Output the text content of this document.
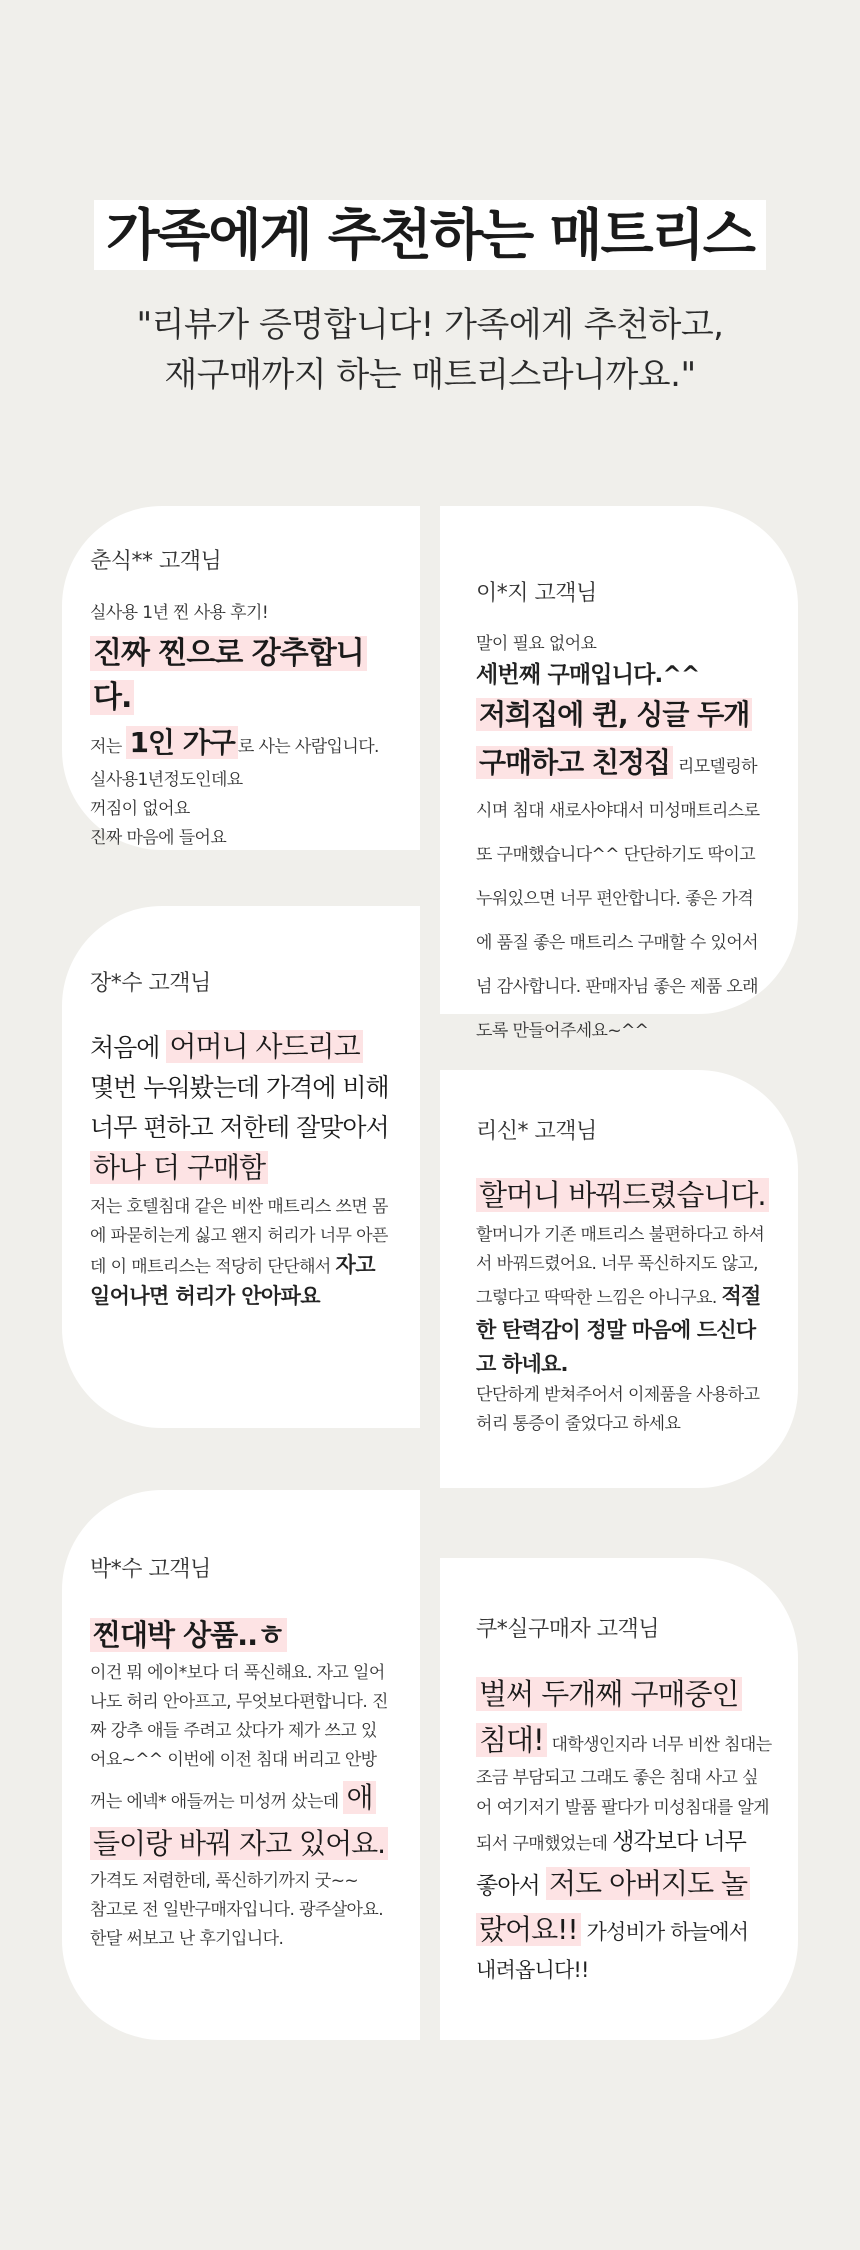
가족에게 추천하는 매트리스
"리뷰가 증명합니다! 가족에게 추천하고,
재구매까지 하는 매트리스라니까요."
춘식** 고객님
실사용 1년 찐 사용 후기!
진짜 찐으로 강추합니다.
저는 1인 가구 로 사는 사람입니다.
실사용1년정도인데요
꺼짐이 없어요
진짜 마음에 들어요
이*지 고객님
말이 필요 없어요
세번째 구매입니다.^^
저희집에 퀸, 싱글 두개 구매하고 친정집 리모델링하시며 침대 새로사야대서 미성매트리스로 또 구매했습니다^^ 단단하기도 딱이고 누워있으면 너무 편안합니다. 좋은 가격에 품질 좋은 매트리스 구매할 수 있어서 넘 감사합니다. 판매자님 좋은 제품 오래도록 만들어주세요~^^
장*수 고객님
처음에 어머니 사드리고 몇번 누워봤는데 가격에 비해 너무 편하고 저한테 잘맞아서 하나 더 구매함
저는 호텔침대 같은 비싼 매트리스 쓰면 몸에 파묻히는게 싫고 왠지 허리가 너무 아픈데 이 매트리스는 적당히 단단해서 자고 일어나면 허리가 안아파요
리신* 고객님
할머니 바꿔드렸습니다.
할머니가 기존 매트리스 불편하다고 하셔서 바꿔드렸어요. 너무 푹신하지도 않고, 그렇다고 딱딱한 느낌은 아니구요. 적절한 탄력감이 정말 마음에 드신다고 하네요.
단단하게 받쳐주어서 이제품을 사용하고 허리 통증이 줄었다고 하세요
박*수 고객님
찐대박 상품..ㅎ
이건 뭐 에이*보다 더 푹신해요. 자고 일어나도 허리 안아프고, 무엇보다편합니다. 진짜 강추 애들 주려고 샀다가 제가 쓰고 있어요~^^ 이번에 이전 침대 버리고 안방꺼는 에넥* 애들꺼는 미성꺼 샀는데 애들이랑 바꿔 자고 있어요. 가격도 저렴한데, 푹신하기까지 굿~~
참고로 전 일반구매자입니다. 광주살아요. 한달 써보고 난 후기입니다.
쿠*실구매자 고객님
벌써 두개째 구매중인 침대! 대학생인지라 너무 비싼 침대는 조금 부담되고 그래도 좋은 침대 사고 싶어 여기저기 발품 팔다가 미성침대를 알게되서 구매했었는데 생각보다 너무 좋아서 저도 아버지도 놀랐어요!! 가성비가 하늘에서 내려옵니다!!
